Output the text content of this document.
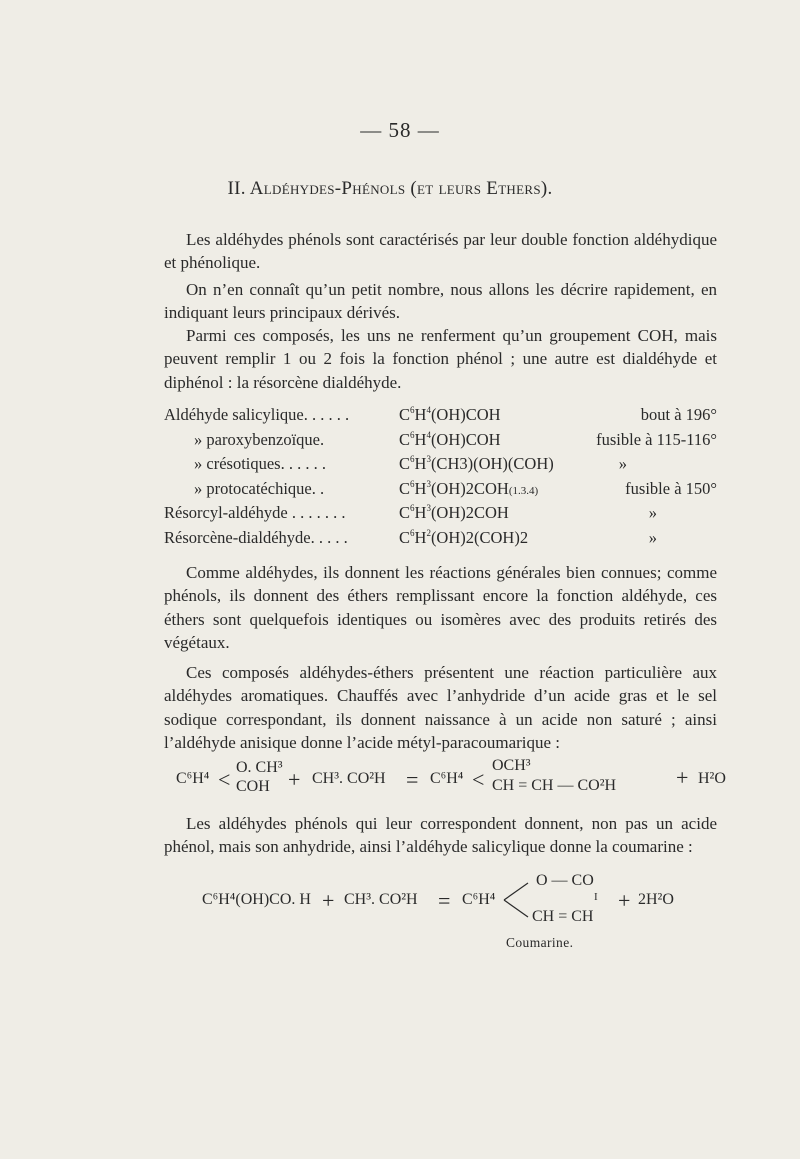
— 58 —
II. Aldéhydes-Phénols (et leurs Ethers).

Les aldéhydes phénols sont caractérisés par leur double fonction aldéhydique et phénolique.

On n’en connaît qu’un petit nombre, nous allons les décrire rapidement, en indiquant leurs principaux dérivés.

Parmi ces composés, les uns ne renferment qu’un groupement COH, mais peuvent remplir 1 ou 2 fois la fonction phénol ; une autre est dialdéhyde et diphénol : la résorcène dialdéhyde.

Aldéhyde salicylique. . . . . .	$C^6H^4(OH)COH$	bout à 196°
» paroxybenzoïque.	$C^6H^4(OH)COH$	fusible à 115-116°
» crésotiques. . . . . .	$C^6H^3(CH3)(OH)(COH)$	»
» protocatéchique. .	$C^6H^3(OH)2COH(1.3.4)$	fusible à 150°
Résorcyl-aldéhyde . . . . . . .	$C^6H^3(OH)2COH$	»
Résorcène-dialdéhyde. . . . .	$C^6H^2(OH)2(COH)2$	»

Comme aldéhydes, ils donnent les réactions générales bien connues; comme phénols, ils donnent des éthers remplissant encore la fonction aldéhyde, ces éthers sont quelquefois identiques ou isomères avec des produits retirés des végétaux.

Ces composés aldéhydes-éthers présentent une réaction particulière aux aldéhydes aromatiques. Chauffés avec l’anhydride d’un acide gras et le sel sodique correspondant, ils donnent naissance à un acide non saturé ; ainsi l’aldéhyde anisique donne l’acide métyl-paracoumarique :

C⁶H⁴ < O. CH³
COH + CH³. CO²H = C⁶H⁴ <
OCH³
CH = CH — CO²H	+ H²O

Les aldéhydes phénols qui leur correspondent donnent, non pas un acide phénol, mais son anhydride, ainsi l’aldéhyde salicylique donne la coumarine :

C⁶H⁴(OH)CO. H + CH³. CO²H = C⁶H⁴
O — CO
I
CH = CH
+ 2H²O
Coumarine.
